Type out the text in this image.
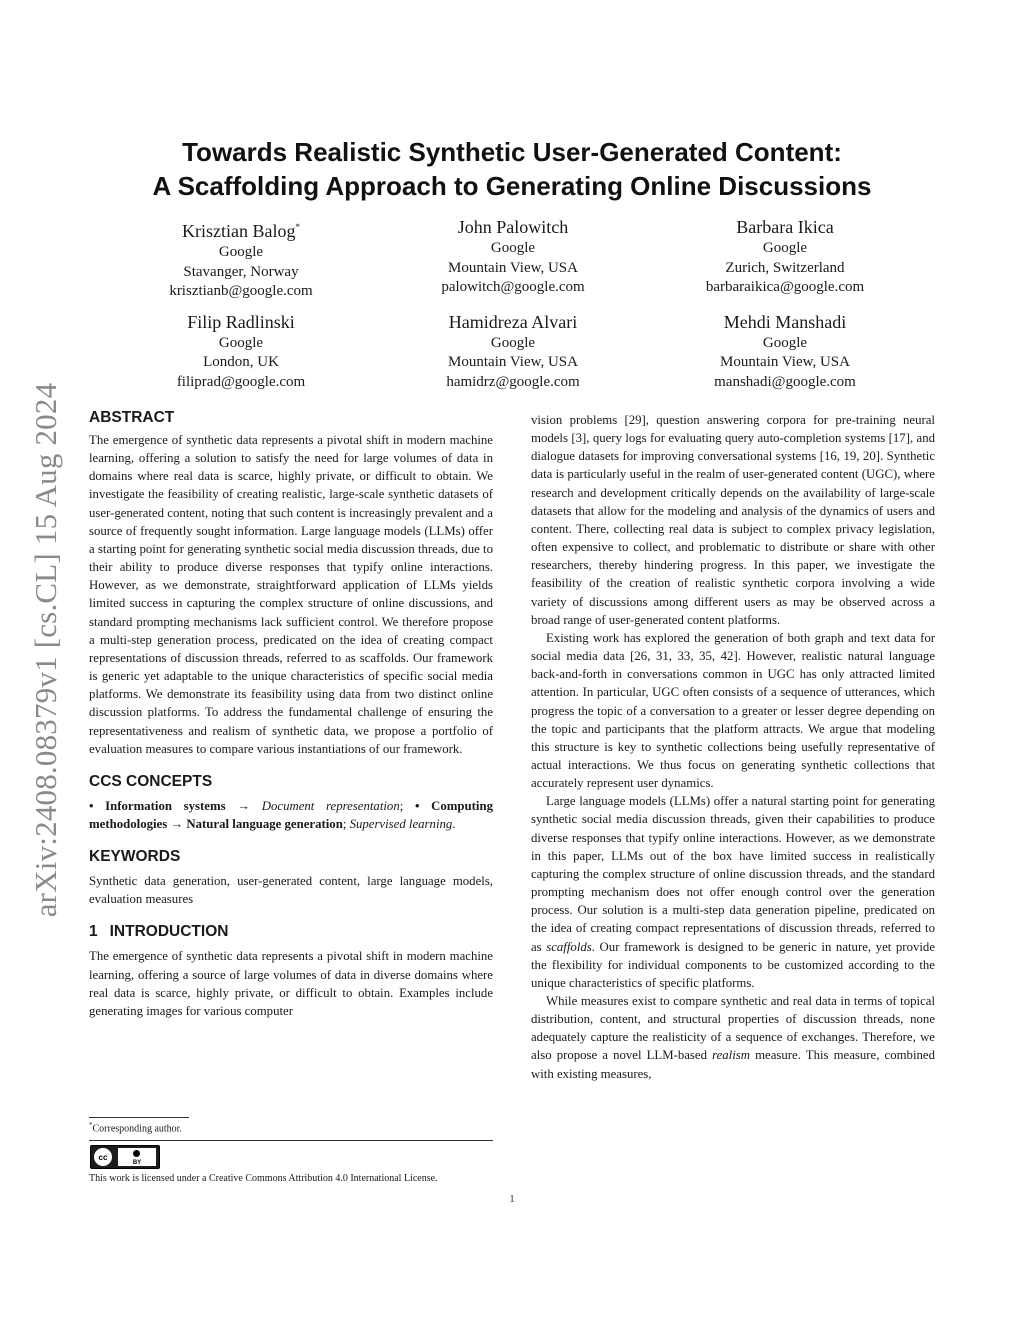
arXiv:2408.08379v1 [cs.CL] 15 Aug 2024
Towards Realistic Synthetic User-Generated Content:
A Scaffolding Approach to Generating Online Discussions
Krisztian Balog*
Google
Stavanger, Norway
krisztianb@google.com
John Palowitch
Google
Mountain View, USA
palowitch@google.com
Barbara Ikica
Google
Zurich, Switzerland
barbaraikica@google.com
Filip Radlinski
Google
London, UK
filiprad@google.com
Hamidreza Alvari
Google
Mountain View, USA
hamidrz@google.com
Mehdi Manshadi
Google
Mountain View, USA
manshadi@google.com
ABSTRACT

The emergence of synthetic data represents a pivotal shift in modern machine learning, offering a solution to satisfy the need for large volumes of data in domains where real data is scarce, highly private, or difficult to obtain. We investigate the feasibility of creating realistic, large-scale synthetic datasets of user-generated content, noting that such content is increasingly prevalent and a source of frequently sought information. Large language models (LLMs) offer a starting point for generating synthetic social media discussion threads, due to their ability to produce diverse responses that typify online interactions. However, as we demonstrate, straightforward application of LLMs yields limited success in capturing the complex structure of online discussions, and standard prompting mechanisms lack sufficient control. We therefore propose a multi-step generation process, predicated on the idea of creating compact representations of discussion threads, referred to as scaffolds. Our framework is generic yet adaptable to the unique characteristics of specific social media platforms. We demonstrate its feasibility using data from two distinct online discussion platforms. To address the fundamental challenge of ensuring the representativeness and realism of synthetic data, we propose a portfolio of evaluation measures to compare various instantiations of our framework.

CCS CONCEPTS

• Information systems → Document representation; • Computing methodologies → Natural language generation; Supervised learning.

KEYWORDS

Synthetic data generation, user-generated content, large language models, evaluation measures

1 INTRODUCTION

The emergence of synthetic data represents a pivotal shift in modern machine learning, offering a source of large volumes of data in diverse domains where real data is scarce, highly private, or difficult to obtain. Examples include generating images for various computer

*Corresponding author.
cc
BY
This work is licensed under a Creative Commons Attribution 4.0 International License.

vision problems [29], question answering corpora for pre-training neural models [3], query logs for evaluating query auto-completion systems [17], and dialogue datasets for improving conversational systems [16, 19, 20]. Synthetic data is particularly useful in the realm of user-generated content (UGC), where research and development critically depends on the availability of large-scale datasets that allow for the modeling and analysis of the dynamics of users and content. There, collecting real data is subject to complex privacy legislation, often expensive to collect, and problematic to distribute or share with other researchers, thereby hindering progress. In this paper, we investigate the feasibility of the creation of realistic synthetic corpora involving a wide variety of discussions among different users as may be observed across a broad range of user-generated content platforms.

Existing work has explored the generation of both graph and text data for social media data [26, 31, 33, 35, 42]. However, realistic natural language back-and-forth in conversations common in UGC has only attracted limited attention. In particular, UGC often consists of a sequence of utterances, which progress the topic of a conversation to a greater or lesser degree depending on the topic and participants that the platform attracts. We argue that modeling this structure is key to synthetic collections being usefully representative of actual interactions. We thus focus on generating synthetic collections that accurately represent user dynamics.

Large language models (LLMs) offer a natural starting point for generating synthetic social media discussion threads, given their capabilities to produce diverse responses that typify online interactions. However, as we demonstrate in this paper, LLMs out of the box have limited success in realistically capturing the complex structure of online discussion threads, and the standard prompting mechanism does not offer enough control over the generation process. Our solution is a multi-step data generation pipeline, predicated on the idea of creating compact representations of discussion threads, referred to as scaffolds. Our framework is designed to be generic in nature, yet provide the flexibility for individual components to be customized according to the unique characteristics of specific platforms.

While measures exist to compare synthetic and real data in terms of topical distribution, content, and structural properties of discussion threads, none adequately capture the realisticity of a sequence of exchanges. Therefore, we also propose a novel LLM-based realism measure. This measure, combined with existing measures,

1
